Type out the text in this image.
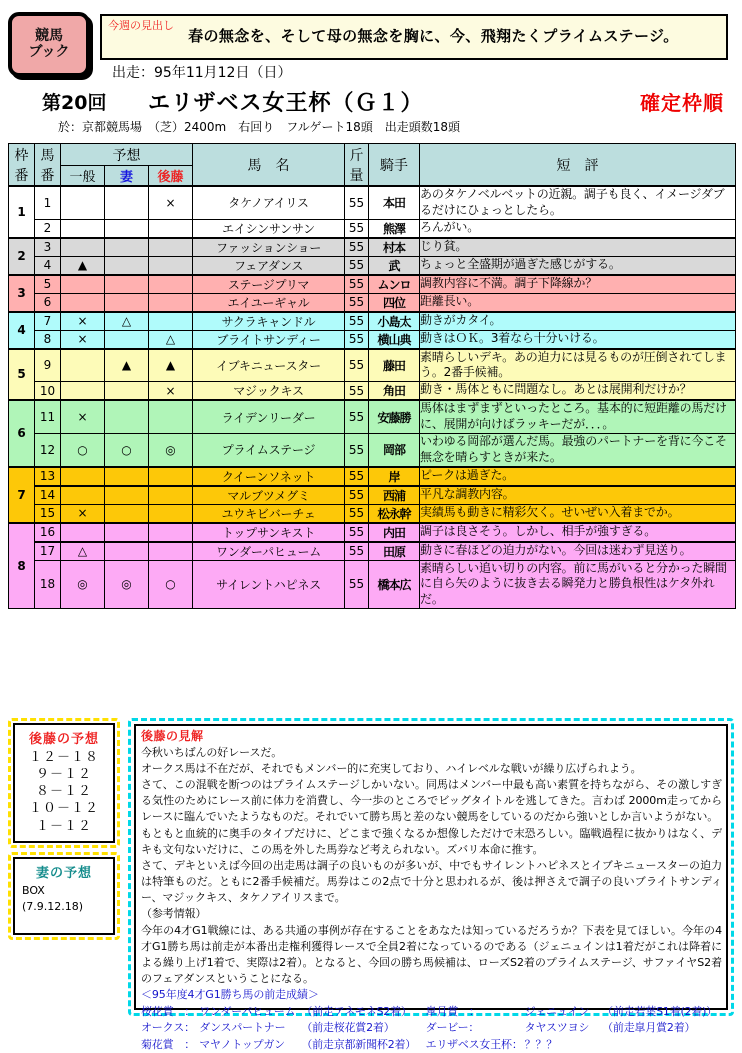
競馬
ブック
今週の見出し 春の無念を、そして母の無念を胸に、今、飛翔たくプライムステージ。
出走：95年11月12日（日）
第20回 エリザベス女王杯（Ｇ１）	確定枠順
於：京都競馬場　（芝）2400m　右回り　フルゲート18頭　出走頭数18頭
枠
番

馬
番
	予想	馬　名	
斤
量
	騎手	短　評
		一般	妻	後藤				
1	1			×	タケノアイリス	55	本田	あのタケノベルベットの近親。調子も良く、イメージダブるだけにひょっとしたら。
	2				エイシンサンサン	55	熊澤	ろんがい。
2	3				ファッションショー	55	村本	じり貧。
	4	▲			フェアダンス	55	武	ちょっと全盛期が過ぎた感じがする。
3	5				ステージプリマ	55	ムンロ	調教内容に不満。調子下降線か？
	6				エイユーギャル	55	四位	距離長い。
4	7	×	△		サクラキャンドル	55	小島太	動きがカタイ。
	8	×		△	ブライトサンディー	55	横山典	動きはＯＫ。3着なら十分いける。
5	9		▲	▲	イブキニュースター	55	藤田	素晴らしいデキ。あの迫力には見るものが圧倒されてしまう。2番手候補。
	10			×	マジックキス	55	角田	動き・馬体ともに問題なし。あとは展開利だけか？
6	11	×			ライデンリーダー	55	安藤勝	馬体はまずまずといったところ。基本的に短距離の馬だけに、展開が向けばラッキーだが．．．。
	12	○	○	◎	プライムステージ	55	岡部	いわゆる岡部が選んだ馬。最強のパートナーを背に今こそ無念を晴らすときが来た。
7	13				クイーンソネット	55	岸	ピークは過ぎた。
	14				マルブツメグミ	55	西浦	平凡な調教内容。
	15	×			ユウキビバーチェ	55	松永幹	実績馬も動きに精彩欠く。せいぜい入着までか。
8	16				トップサンキスト	55	内田	調子は良さそう。しかし、相手が強すぎる。
	17	△			ワンダーパヒューム	55	田原	動きに春ほどの迫力がない。今回は迷わず見送り。
	18	◎	◎	○	サイレントハピネス	55	橋本広	素晴らしい追い切りの内容。前に馬がいると分かった瞬間に自ら矢のように抜き去る瞬発力と勝負根性はケタ外れだ。
後藤の予想
１２－１８
９－１２
８－１２
１０－１２
１－１２
妻の予想
BOX
(7.9.12.18)
後藤の見解
今秋いちばんの好レースだ。
オークス馬は不在だが、それでもメンバー的に充実しており、ハイレベルな戦いが繰り広げられよう。
さて、この混戦を断つのはプライムステージしかいない。同馬はメンバー中最も高い素質を持ちながら、その激しすぎる気性のためにレース前に体力を消費し、今一歩のところでビッグタイトルを逃してきた。言わば 2000m走ってからレースに臨んでいたようなものだ。それでいて勝ち馬と差のない競馬をしているのだから強いとしか言いようがない。
もともと血統的に奥手のタイプだけに、どこまで強くなるか想像しただけで末恐ろしい。臨戦過程に抜かりはなく、デキも文句ないだけに、この馬を外した馬券など考えられない。ズバリ本命に推す。
さて、デキといえば今回の出走馬は調子の良いものが多いが、中でもサイレントハピネスとイブキニュースターの迫力は特筆ものだ。ともに2番手候補だ。馬券はこの2点で十分と思われるが、後は押さえで調子の良いブライトサンディー、マジックキス、タケノアイリスまで。
（参考情報）
今年の4才G1戦線には、ある共通の事例が存在することをあなたは知っているだろうか？下表を見てほしい。今年の4才G1勝ち馬は前走が本番出走権利獲得レースで全員2着になっているのである（ジェニュインは1着だがこれは降着による繰り上げ1着で、実際は2着）。となると、今回の勝ち馬候補は、ローズS2着のプライムステージ、サファイヤS2着のフェアダンスということになる。
＜95年度4才G1勝ち馬の前走成績＞
桜花賞　：	ワンダーパヒューム	（前走アネモネS2着）		皐月賞　：	ジェニュイン	（前走若葉S1着(2着)）
オークス：	ダンスパートナー	（前走桜花賞2着）		ダービー：	タヤスツヨシ	（前走皐月賞2着）
菊花賞　：	マヤノトップガン	（前走京都新聞杯2着）		エリザベス女王杯：	？？？	
